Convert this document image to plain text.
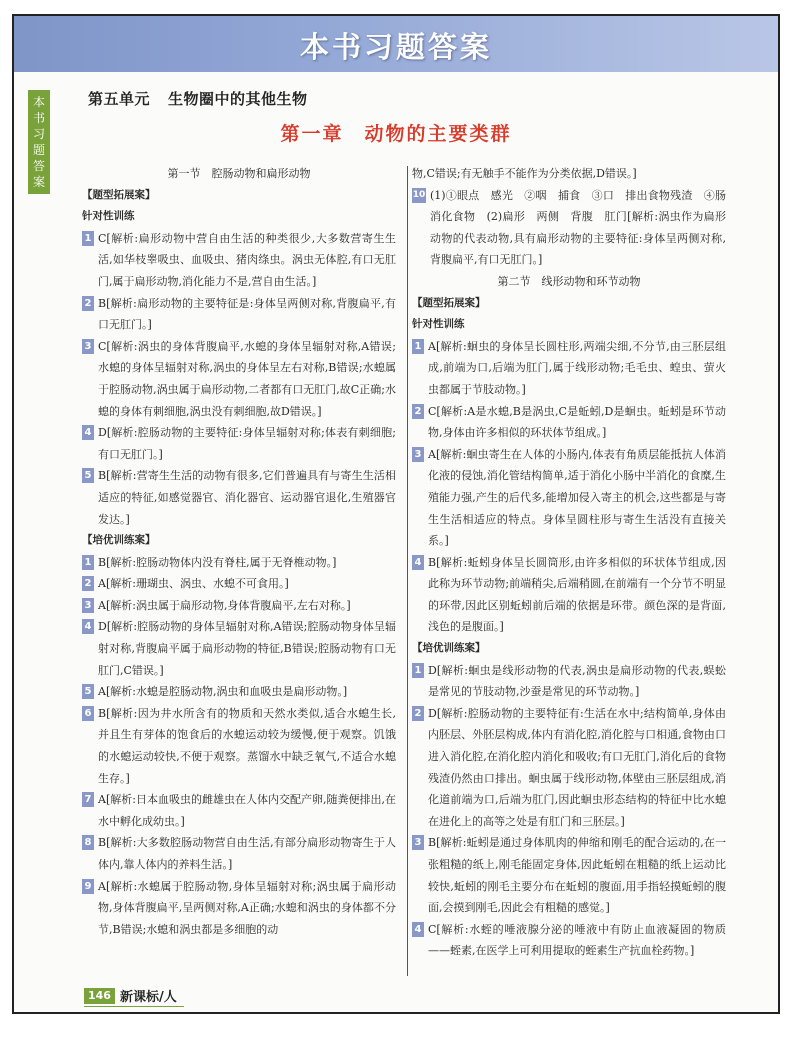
本书习题答案
本
书
习
题
答
案
第五单元 生物圈中的其他生物
第一章　动物的主要类群

第一节　腔肠动物和扁形动物

【题型拓展案】

针对性训练

1 C[解析:扁形动物中营自由生活的种类很少,大多数营寄生生活,如华枝睾吸虫、血吸虫、猪肉绦虫。涡虫无体腔,有口无肛门,属于扁形动物,消化能力不是,营自由生活。]
2 B[解析:扁形动物的主要特征是:身体呈两侧对称,背腹扁平,有口无肛门。]
3 C[解析:涡虫的身体背腹扁平,水螅的身体呈辐射对称,A错误;水螅的身体呈辐射对称,涡虫的身体呈左右对称,B错误;水螅属于腔肠动物,涡虫属于扁形动物,二者都有口无肛门,故C正确;水螅的身体有刺细胞,涡虫没有刺细胞,故D错误。]
4 D[解析:腔肠动物的主要特征:身体呈辐射对称;体表有刺细胞;有口无肛门。]
5 B[解析:营寄生生活的动物有很多,它们普遍具有与寄生生活相适应的特征,如感觉器官、消化器官、运动器官退化,生殖器官发达。]

【培优训练案】

1 B[解析:腔肠动物体内没有脊柱,属于无脊椎动物。]
2 A[解析:珊瑚虫、涡虫、水螅不可食用。]
3 A[解析:涡虫属于扁形动物,身体背腹扁平,左右对称。]
4 D[解析:腔肠动物的身体呈辐射对称,A错误;腔肠动物身体呈辐射对称,背腹扁平属于扁形动物的特征,B错误;腔肠动物有口无肛门,C错误。]
5 A[解析:水螅是腔肠动物,涡虫和血吸虫是扁形动物。]
6 B[解析:因为井水所含有的物质和天然水类似,适合水螅生长,并且生有芽体的饱食后的水螅运动较为缓慢,便于观察。饥饿的水螅运动较快,不便于观察。蒸馏水中缺乏氧气,不适合水螅生存。]
7 A[解析:日本血吸虫的雌雄虫在人体内交配产卵,随粪便排出,在水中孵化成幼虫。]
8 B[解析:大多数腔肠动物营自由生活,有部分扁形动物寄生于人体内,靠人体内的养料生活。]
9 A[解析:水螅属于腔肠动物,身体呈辐射对称;涡虫属于扁形动物,身体背腹扁平,呈两侧对称,A正确;水螅和涡虫的身体都不分节,B错误;水螅和涡虫都是多细胞的动

物,C错误;有无触手不能作为分类依据,D错误。]

10 (1)①眼点　感光　②咽　捕食　③口　排出食物残渣　④肠　消化食物　(2)扁形　两侧　背腹　肛门[解析:涡虫作为扁形动物的代表动物,具有扁形动物的主要特征:身体呈两侧对称,背腹扁平,有口无肛门。]

第二节　线形动物和环节动物

【题型拓展案】

针对性训练

1 A[解析:蛔虫的身体呈长圆柱形,两端尖细,不分节,由三胚层组成,前端为口,后端为肛门,属于线形动物;毛毛虫、蝗虫、萤火虫都属于节肢动物。]
2 C[解析:A是水螅,B是涡虫,C是蚯蚓,D是蛔虫。蚯蚓是环节动物,身体由许多相似的环状体节组成。]
3 A[解析:蛔虫寄生在人体的小肠内,体表有角质层能抵抗人体消化液的侵蚀,消化管结构简单,适于消化小肠中半消化的食糜,生殖能力强,产生的后代多,能增加侵入寄主的机会,这些都是与寄生生活相适应的特点。身体呈圆柱形与寄生生活没有直接关系。]
4 B[解析:蚯蚓身体呈长圆筒形,由许多相似的环状体节组成,因此称为环节动物;前端稍尖,后端稍圆,在前端有一个分节不明显的环带,因此区别蚯蚓前后端的依据是环带。颜色深的是背面,浅色的是腹面。]

【培优训练案】

1 D[解析:蛔虫是线形动物的代表,涡虫是扁形动物的代表,蜈蚣是常见的节肢动物,沙蚕是常见的环节动物。]
2 D[解析:腔肠动物的主要特征有:生活在水中;结构简单,身体由内胚层、外胚层构成,体内有消化腔,消化腔与口相通,食物由口进入消化腔,在消化腔内消化和吸收;有口无肛门,消化后的食物残渣仍然由口排出。蛔虫属于线形动物,体壁由三胚层组成,消化道前端为口,后端为肛门,因此蛔虫形态结构的特征中比水螅在进化上的高等之处是有肛门和三胚层。]
3 B[解析:蚯蚓是通过身体肌肉的伸缩和刚毛的配合运动的,在一张粗糙的纸上,刚毛能固定身体,因此蚯蚓在粗糙的纸上运动比较快,蚯蚓的刚毛主要分布在蚯蚓的腹面,用手指轻摸蚯蚓的腹面,会摸到刚毛,因此会有粗糙的感觉。]
4 C[解析:水蛭的唾液腺分泌的唾液中有防止血液凝固的物质——蛭素,在医学上可利用提取的蛭素生产抗血栓药物。]
146 新课标/人
